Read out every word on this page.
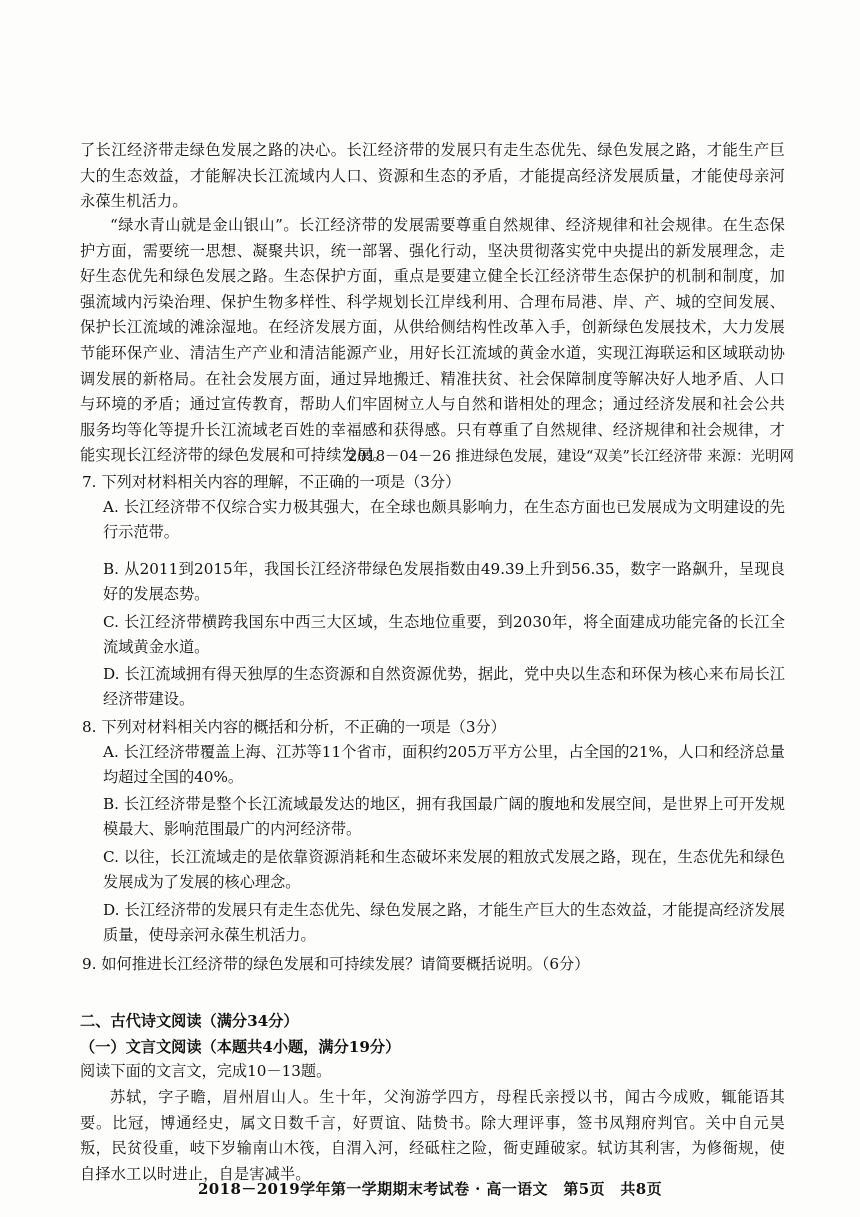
了长江经济带走绿色发展之路的决心。长江经济带的发展只有走生态优先、绿色发展之路，才能生产巨大的生态效益，才能解决长江流域内人口、资源和生态的矛盾，才能提高经济发展质量，才能使母亲河永葆生机活力。
“绿水青山就是金山银山”。长江经济带的发展需要尊重自然规律、经济规律和社会规律。在生态保护方面，需要统一思想、凝聚共识，统一部署、强化行动，坚决贯彻落实党中央提出的新发展理念，走好生态优先和绿色发展之路。生态保护方面，重点是要建立健全长江经济带生态保护的机制和制度，加强流域内污染治理、保护生物多样性、科学规划长江岸线利用、合理布局港、岸、产、城的空间发展、保护长江流域的滩涂湿地。在经济发展方面，从供给侧结构性改革入手，创新绿色发展技术，大力发展节能环保产业、清洁生产产业和清洁能源产业，用好长江流域的黄金水道，实现江海联运和区域联动协调发展的新格局。在社会发展方面，通过异地搬迁、精准扶贫、社会保障制度等解决好人地矛盾、人口与环境的矛盾；通过宣传教育，帮助人们牢固树立人与自然和谐相处的理念；通过经济发展和社会公共服务均等化等提升长江流域老百姓的幸福感和获得感。只有尊重了自然规律、经济规律和社会规律，才能实现长江经济带的绿色发展和可持续发展。
2018－04－26 推进绿色发展，建设“双美”长江经济带 来源：光明网
7. 下列对材料相关内容的理解，不正确的一项是（3分）
A. 长江经济带不仅综合实力极其强大，在全球也颇具影响力，在生态方面也已发展成为文明建设的先行示范带。
B. 从2011到2015年，我国长江经济带绿色发展指数由49.39上升到56.35，数字一路飙升，呈现良好的发展态势。
C. 长江经济带横跨我国东中西三大区域，生态地位重要，到2030年，将全面建成功能完备的长江全流域黄金水道。
D. 长江流域拥有得天独厚的生态资源和自然资源优势，据此，党中央以生态和环保为核心来布局长江经济带建设。
8. 下列对材料相关内容的概括和分析，不正确的一项是（3分）
A. 长江经济带覆盖上海、江苏等11个省市，面积约205万平方公里，占全国的21%，人口和经济总量均超过全国的40%。
B. 长江经济带是整个长江流域最发达的地区，拥有我国最广阔的腹地和发展空间，是世界上可开发规模最大、影响范围最广的内河经济带。
C. 以往，长江流域走的是依靠资源消耗和生态破坏来发展的粗放式发展之路，现在，生态优先和绿色发展成为了发展的核心理念。
D. 长江经济带的发展只有走生态优先、绿色发展之路，才能生产巨大的生态效益，才能提高经济发展质量，使母亲河永葆生机活力。
9. 如何推进长江经济带的绿色发展和可持续发展？请简要概括说明。（6分）
二、古代诗文阅读（满分34分）
（一）文言文阅读（本题共4小题，满分19分）
阅读下面的文言文，完成10－13题。
苏轼，字子瞻，眉州眉山人。生十年，父洵游学四方，母程氏亲授以书，闻古今成败，辄能语其要。比冠，博通经史，属文日数千言，好贾谊、陆贽书。除大理评事，签书凤翔府判官。关中自元昊叛，民贫役重，岐下岁输南山木筏，自渭入河，经砥柱之险，衙吏踵破家。轼访其利害，为修衙规，使自择水工以时进止，自是害减半。
2018－2019学年第一学期期末考试卷 · 高一语文　第5页　共8页
